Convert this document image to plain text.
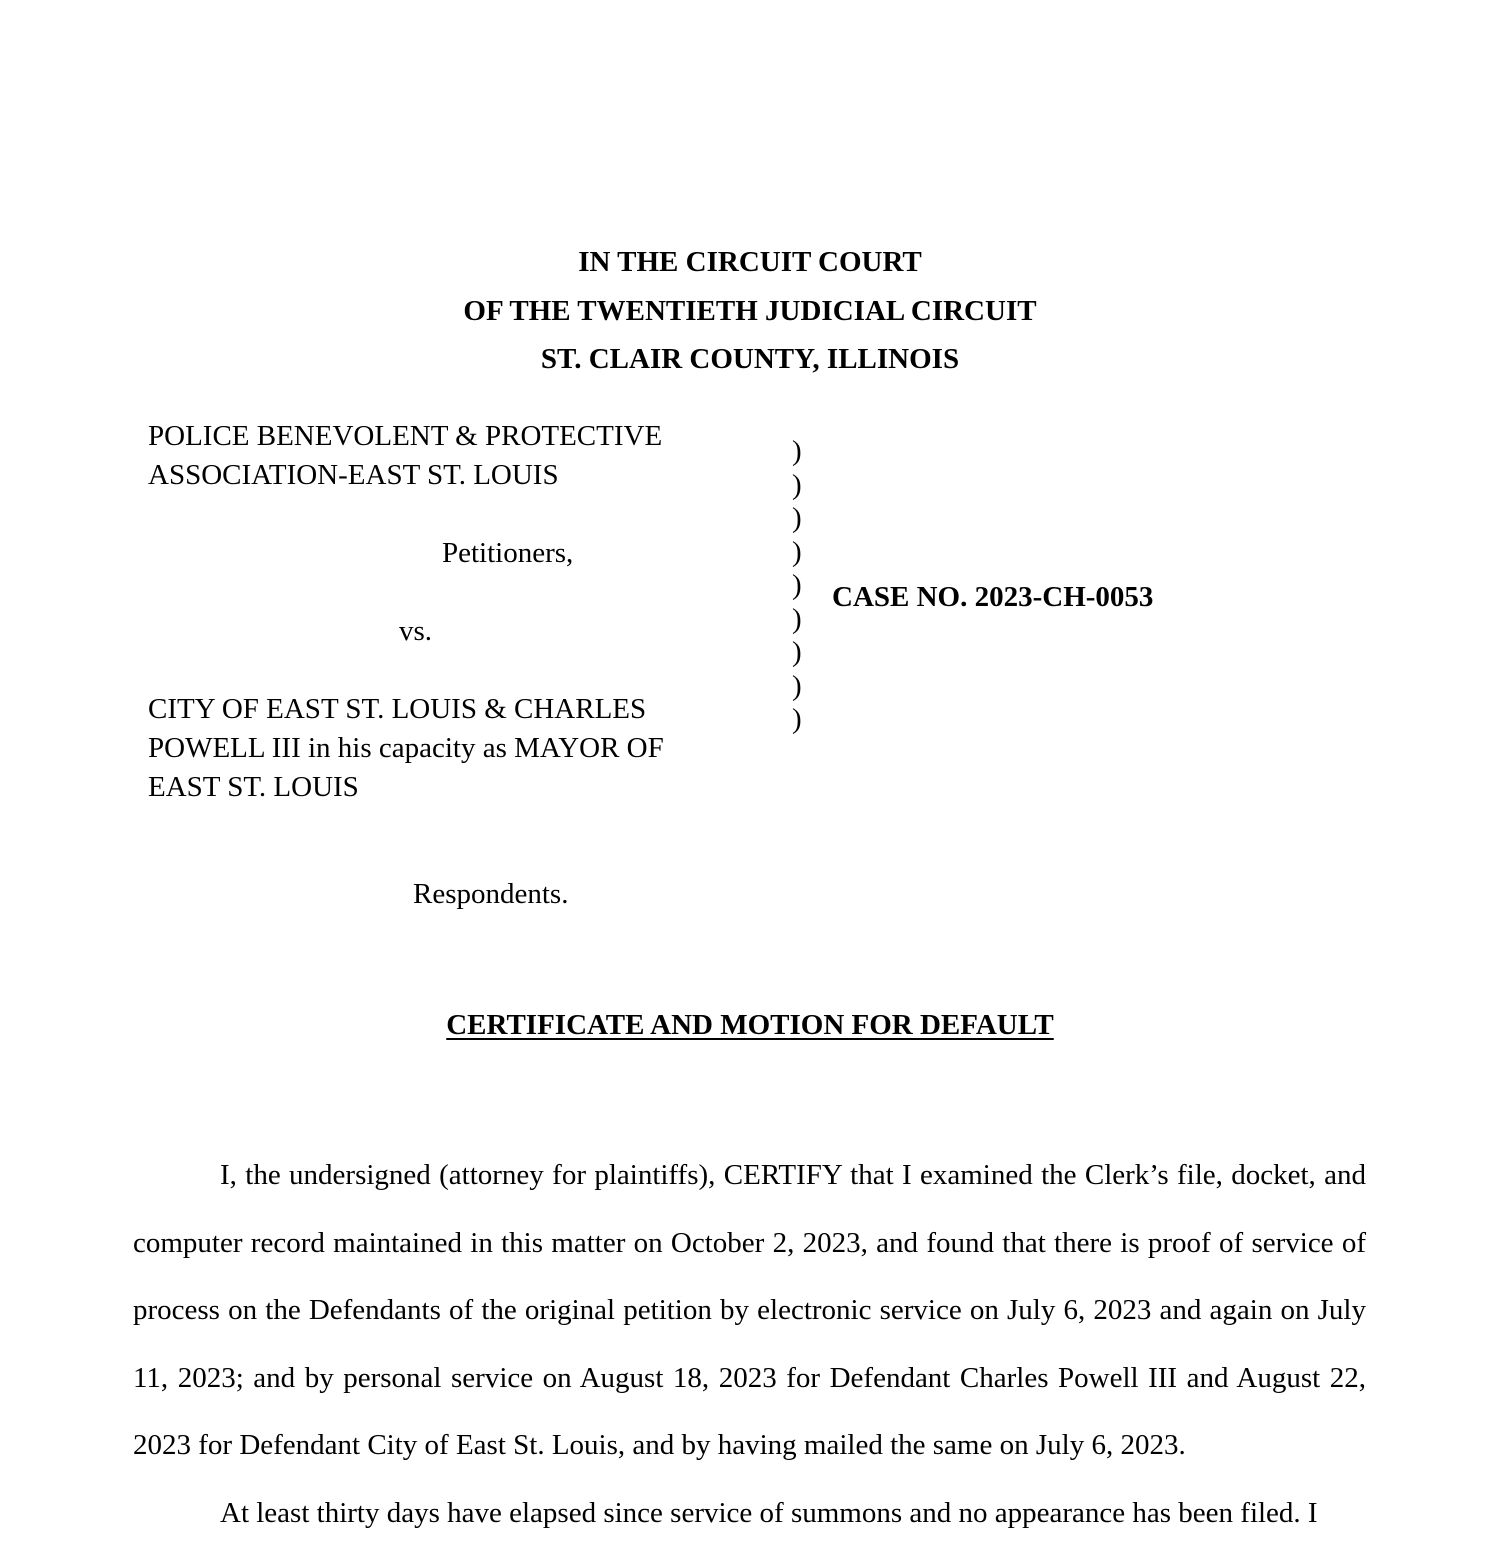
IN THE CIRCUIT COURT
OF THE TWENTIETH JUDICIAL CIRCUIT
ST. CLAIR COUNTY, ILLINOIS
POLICE BENEVOLENT & PROTECTIVE
ASSOCIATION-EAST ST. LOUIS
Petitioners,
vs.
CITY OF EAST ST. LOUIS & CHARLES
POWELL III in his capacity as MAYOR OF
EAST ST. LOUIS
Respondents.
)
)
)
)
)
)
)
)
)
CASE NO. 2023-CH-0053
CERTIFICATE AND MOTION FOR DEFAULT

I, the undersigned (attorney for plaintiffs), CERTIFY that I examined the Clerk’s file, docket, and computer record maintained in this matter on October 2, 2023, and found that there is proof of service of process on the Defendants of the original petition by electronic service on July 6, 2023 and again on July 11, 2023; and by personal service on August 18, 2023 for Defendant Charles Powell III and August 22, 2023 for Defendant City of East St. Louis, and by having mailed the same on July 6, 2023.

At least thirty days have elapsed since service of summons and no appearance has been filed. I
